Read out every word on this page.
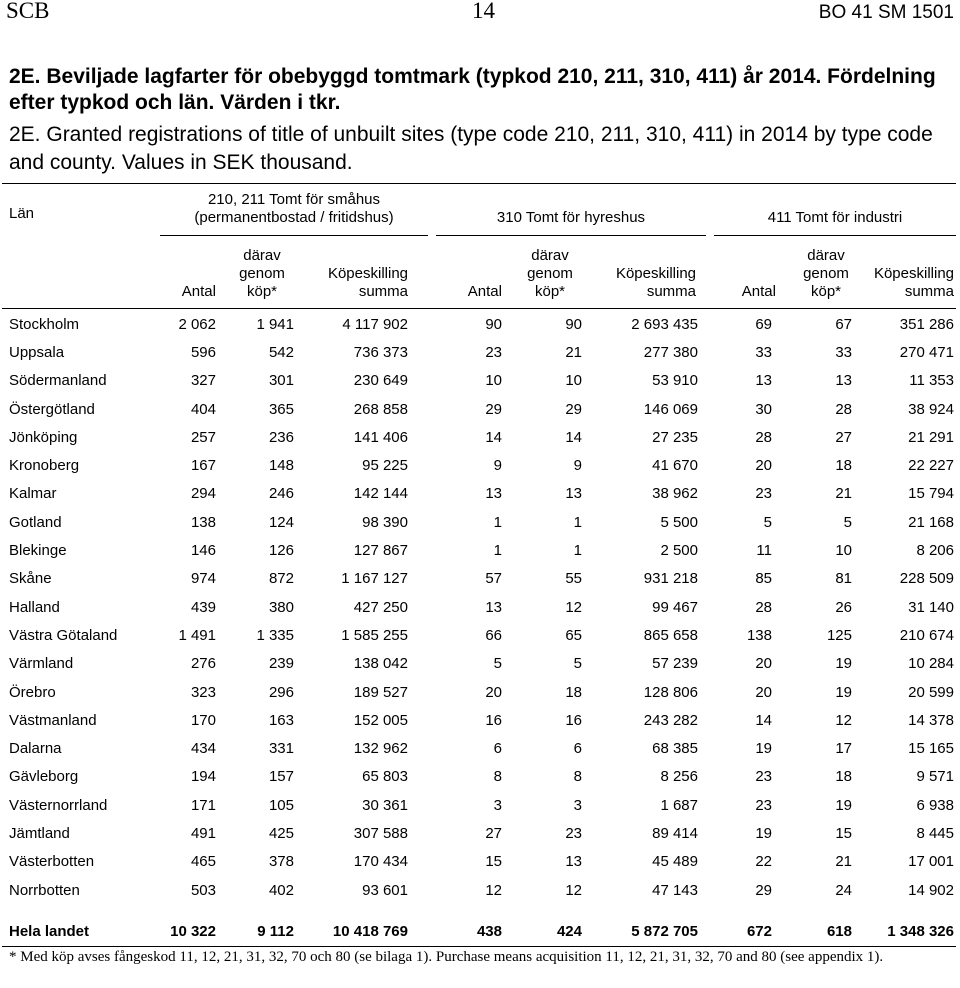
SCB	14	BO 41 SM 1501
2E. Beviljade lagfarter för obebyggd tomtmark (typkod 210, 211, 310, 411) år 2014. Fördelning efter typkod och län. Värden i tkr.
2E. Granted registrations of title of unbuilt sites (type code 210, 211, 310, 411) in 2014 by type code and county. Values in SEK thousand.
Län
210, 211 Tomt för småhus
(permanentbostad / fritidshus)	310 Tomt för hyreshus	411 Tomt för industri
Antal
därav
genom
köp*
Köpeskilling
summa	Antal
därav
genom
köp*
Köpeskilling
summa	Antal
därav
genom
köp*
Köpeskilling
summa
Stockholm	2 062	1 941	4 117 902	90	90	2 693 435	69	67	351 286
Uppsala	596	542	736 373	23	21	277 380	33	33	270 471
Södermanland	327	301	230 649	10	10	53 910	13	13	11 353
Östergötland	404	365	268 858	29	29	146 069	30	28	38 924
Jönköping	257	236	141 406	14	14	27 235	28	27	21 291
Kronoberg	167	148	95 225	9	9	41 670	20	18	22 227
Kalmar	294	246	142 144	13	13	38 962	23	21	15 794
Gotland	138	124	98 390	1	1	5 500	5	5	21 168
Blekinge	146	126	127 867	1	1	2 500	11	10	8 206
Skåne	974	872	1 167 127	57	55	931 218	85	81	228 509
Halland	439	380	427 250	13	12	99 467	28	26	31 140
Västra Götaland	1 491	1 335	1 585 255	66	65	865 658	138	125	210 674
Värmland	276	239	138 042	5	5	57 239	20	19	10 284
Örebro	323	296	189 527	20	18	128 806	20	19	20 599
Västmanland	170	163	152 005	16	16	243 282	14	12	14 378
Dalarna	434	331	132 962	6	6	68 385	19	17	15 165
Gävleborg	194	157	65 803	8	8	8 256	23	18	9 571
Västernorrland	171	105	30 361	3	3	1 687	23	19	6 938
Jämtland	491	425	307 588	27	23	89 414	19	15	8 445
Västerbotten	465	378	170 434	15	13	45 489	22	21	17 001
Norrbotten	503	402	93 601	12	12	47 143	29	24	14 902
Hela landet	10 322	9 112	10 418 769	438	424	5 872 705	672	618	1 348 326
* Med köp avses fångeskod 11, 12, 21, 31, 32, 70 och 80 (se bilaga 1). Purchase means acquisition 11, 12, 21, 31, 32, 70 and 80 (see appendix 1).
